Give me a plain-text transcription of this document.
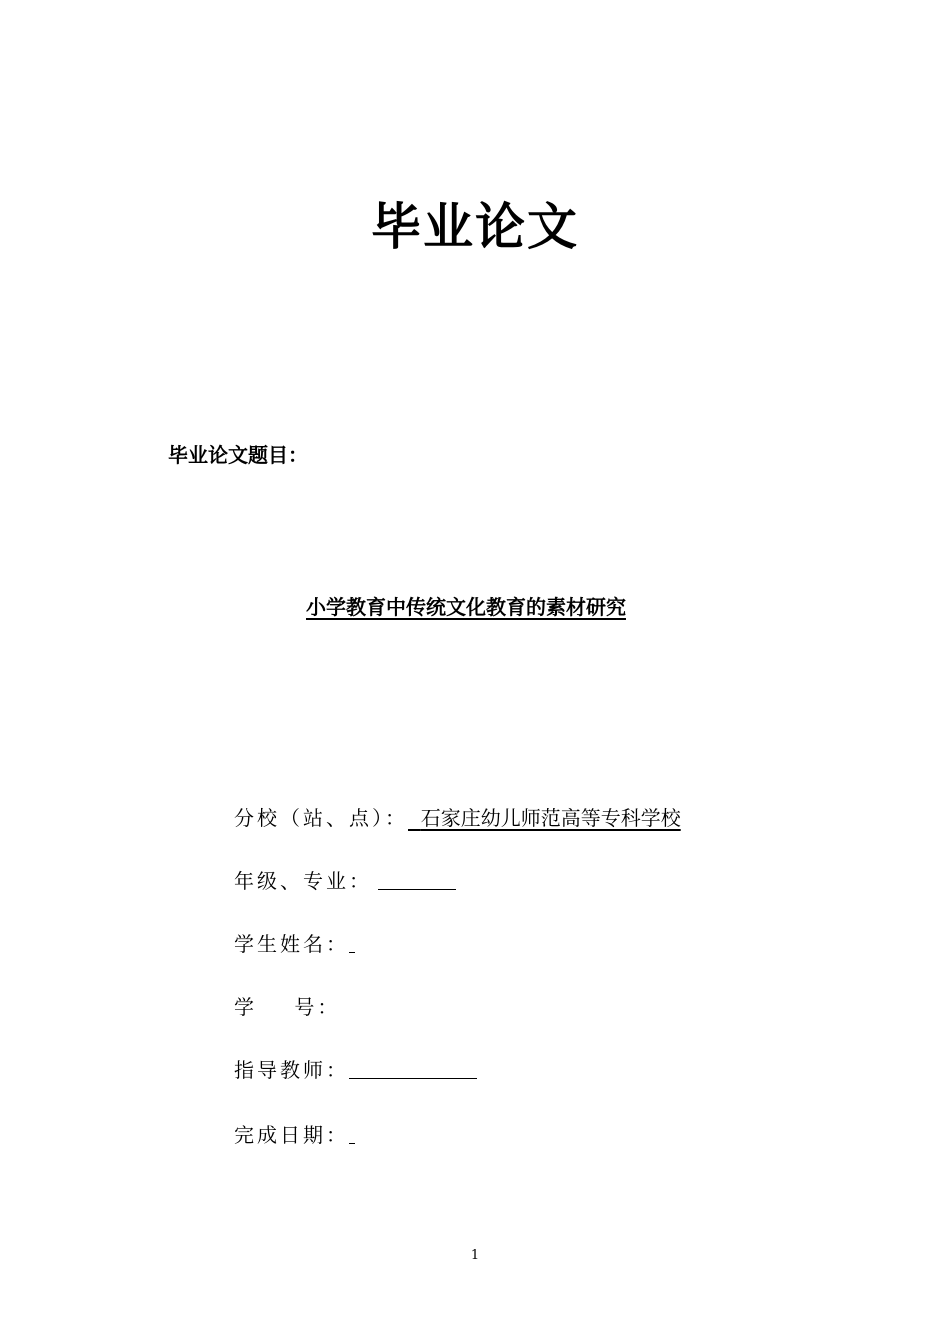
毕业论文
毕业论文题目：
小学教育中传统文化教育的素材研究
分校（站、点）： 石家庄幼儿师范高等专科学校
年级、专业：
学生姓名：
学    号：
指导教师：
完成日期：
1
